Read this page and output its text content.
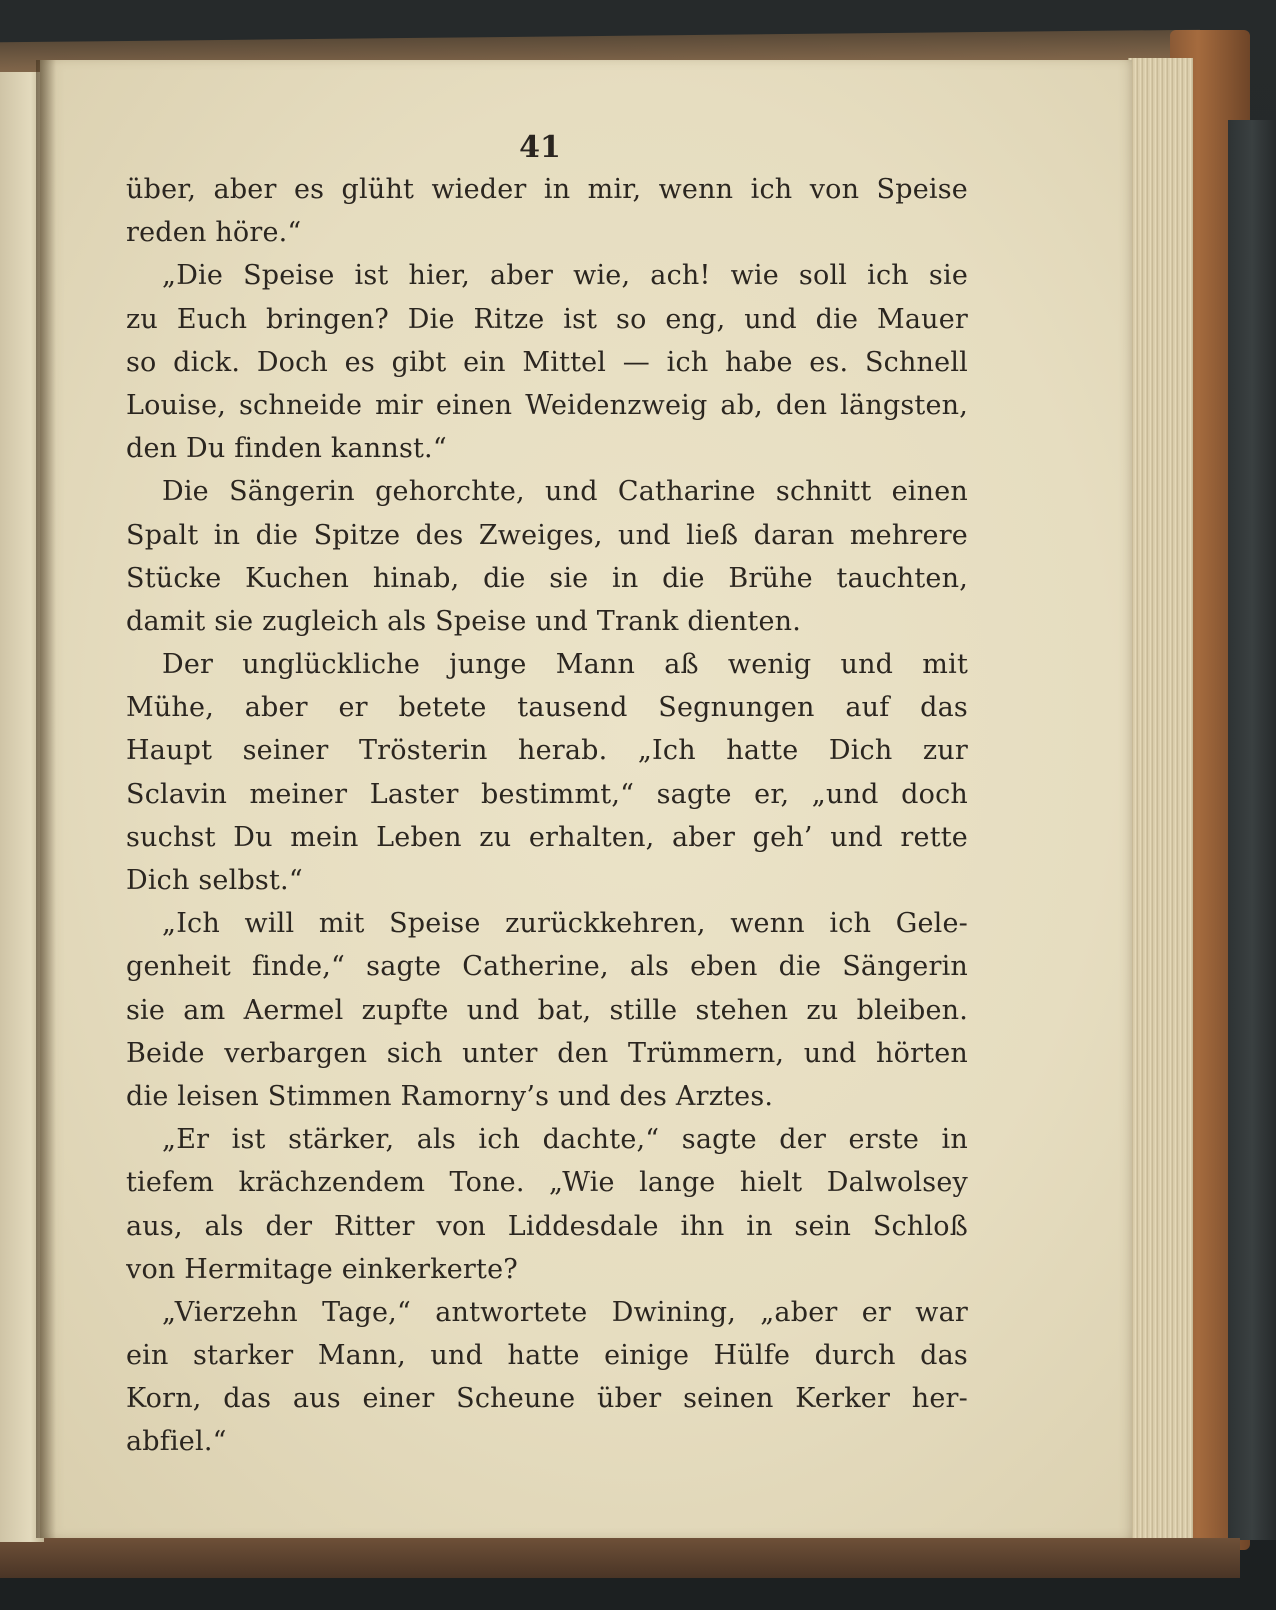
41
über, aber es glüht wieder in mir, wenn ich von Speise
reden höre.“
„Die Speise ist hier, aber wie, ach! wie soll ich sie
zu Euch bringen? Die Ritze ist so eng, und die Mauer
so dick. Doch es gibt ein Mittel — ich habe es. Schnell
Louise, schneide mir einen Weidenzweig ab, den längsten,
den Du finden kannst.“
Die Sängerin gehorchte, und Catharine schnitt einen
Spalt in die Spitze des Zweiges, und ließ daran mehrere
Stücke Kuchen hinab, die sie in die Brühe tauchten,
damit sie zugleich als Speise und Trank dienten.
Der unglückliche junge Mann aß wenig und mit
Mühe, aber er betete tausend Segnungen auf das
Haupt seiner Trösterin herab. „Ich hatte Dich zur
Sclavin meiner Laster bestimmt,“ sagte er, „und doch
suchst Du mein Leben zu erhalten, aber geh’ und rette
Dich selbst.“
„Ich will mit Speise zurückkehren, wenn ich Gele-
genheit finde,“ sagte Catherine, als eben die Sängerin
sie am Aermel zupfte und bat, stille stehen zu bleiben.
Beide verbargen sich unter den Trümmern, und hörten
die leisen Stimmen Ramorny’s und des Arztes.
„Er ist stärker, als ich dachte,“ sagte der erste in
tiefem krächzendem Tone. „Wie lange hielt Dalwolsey
aus, als der Ritter von Liddesdale ihn in sein Schloß
von Hermitage einkerkerte?
„Vierzehn Tage,“ antwortete Dwining, „aber er war
ein starker Mann, und hatte einige Hülfe durch das
Korn, das aus einer Scheune über seinen Kerker her-
abfiel.“
